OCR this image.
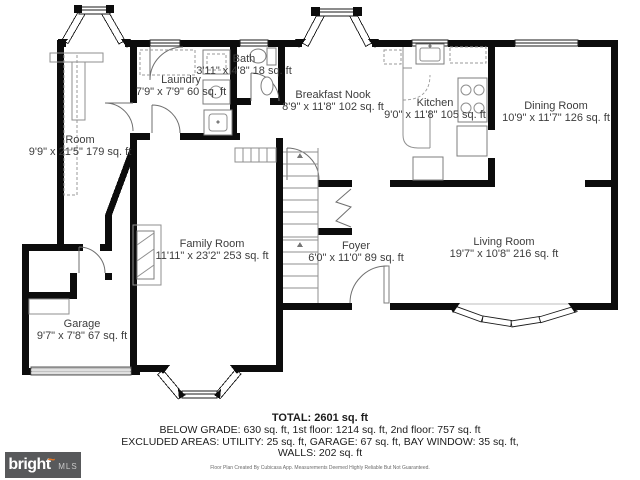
Room
9'9" x 21'5" 179 sq. ft
Laundry
7'9" x 7'9" 60 sq. ft
Bath
3'11" x 4'8" 18 sq. ft
Breakfast Nook
8'9" x 11'8" 102 sq. ft	Kitchen
9'0" x 11'8" 105 sq. ft
Dining Room
10'9" x 11'7" 126 sq. ft
Family Room
11'11" x 23'2" 253 sq. ft
Foyer
6'0" x 11'0" 89 sq. ft
Living Room
19'7" x 10'8" 216 sq. ft
Garage
9'7" x 7'8" 67 sq. ft
TOTAL: 2601 sq. ft
BELOW GRADE: 630 sq. ft, 1st floor: 1214 sq. ft, 2nd floor: 757 sq. ft
EXCLUDED AREAS: UTILITY: 25 sq. ft, GARAGE: 67 sq. ft, BAY WINDOW: 35 sq. ft,
WALLS: 202 sq. ft
Floor Plan Created By Cubicasa App. Measurements Deemed Highly Reliable But Not Guaranteed.
bright
~ MLS
